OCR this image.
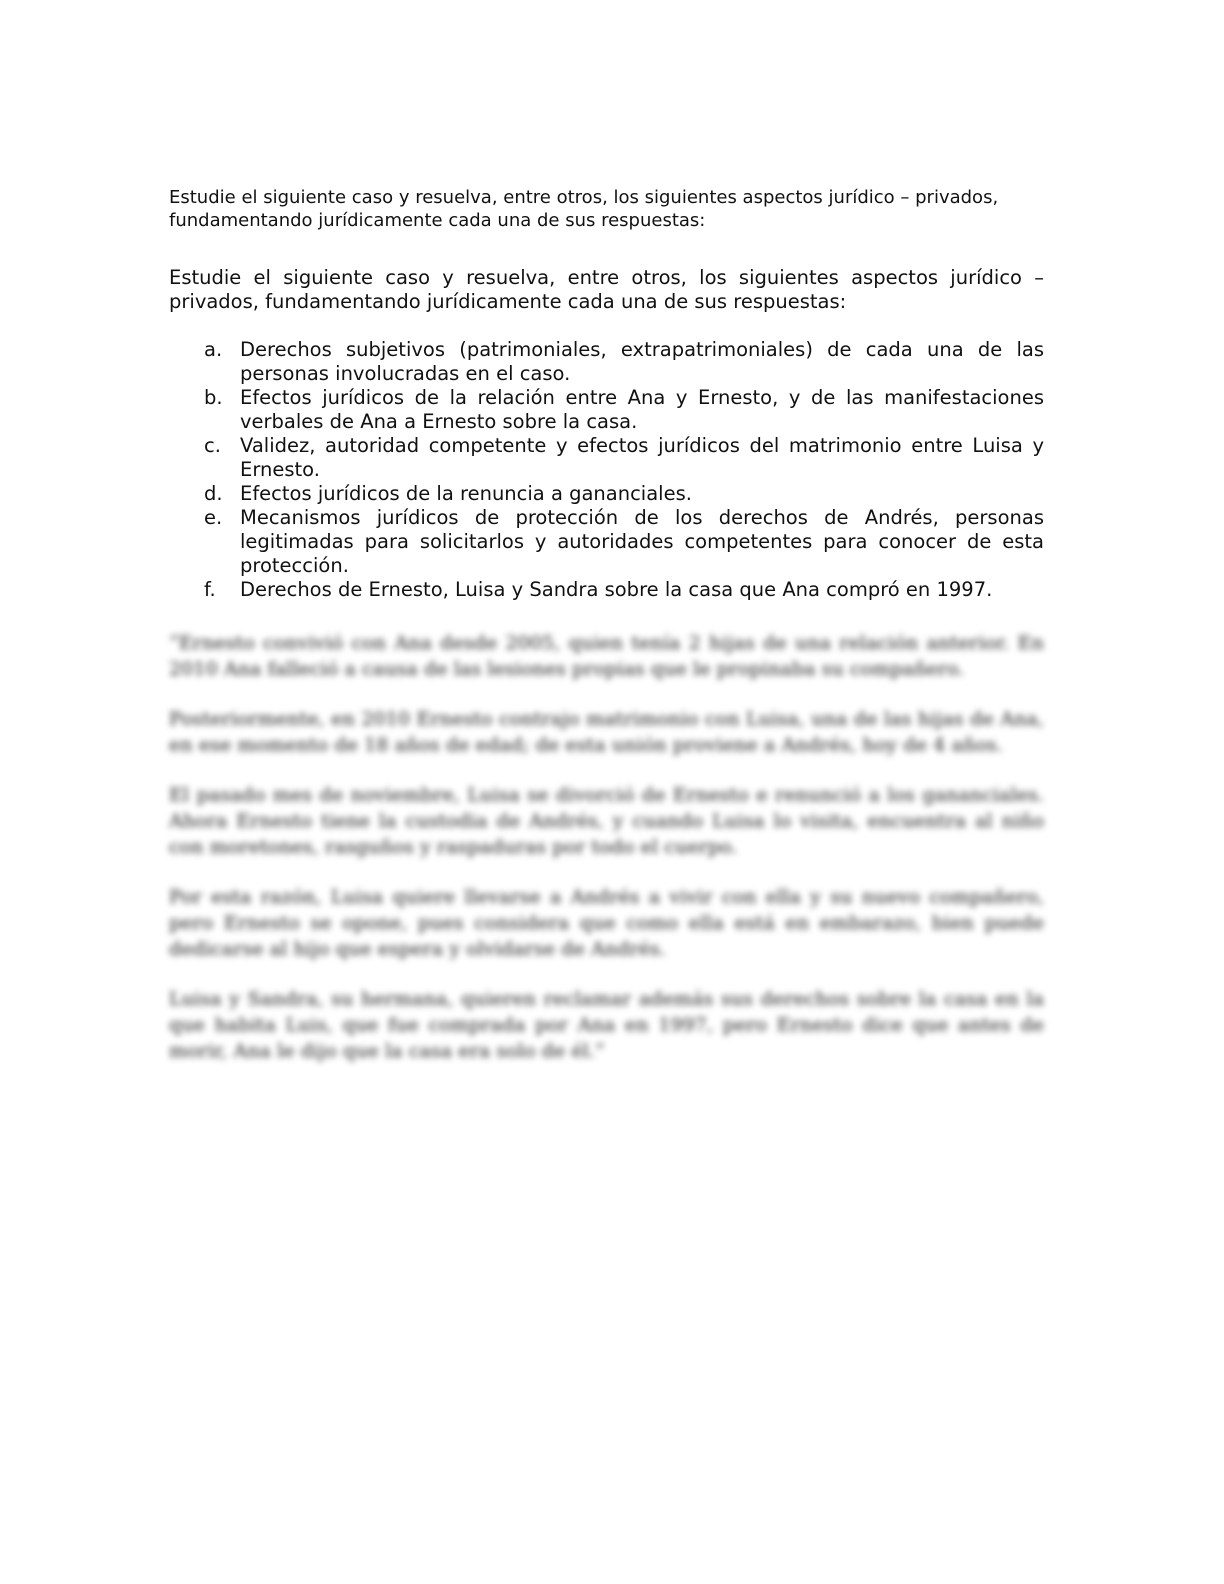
Estudie el siguiente caso y resuelva, entre otros, los siguientes aspectos jurídico – privados, fundamentando jurídicamente cada una de sus respuestas:

Estudie el siguiente caso y resuelva, entre otros, los siguientes aspectos jurídico – privados, fundamentando jurídicamente cada una de sus respuestas:

a. Derechos subjetivos (patrimoniales, extrapatrimoniales) de cada una de las personas involucradas en el caso.
b. Efectos jurídicos de la relación entre Ana y Ernesto, y de las manifestaciones verbales de Ana a Ernesto sobre la casa.
c. Validez, autoridad competente y efectos jurídicos del matrimonio entre Luisa y Ernesto.
d. Efectos jurídicos de la renuncia a gananciales.
e. Mecanismos jurídicos de protección de los derechos de Andrés, personas legitimadas para solicitarlos y autoridades competentes para conocer de esta protección.
f.	Derechos de Ernesto, Luisa y Sandra sobre la casa que Ana compró en 1997.

“Ernesto convivió con Ana desde 2005, quien tenía 2 hijas de una relación anterior. En 2010 Ana falleció a causa de las lesiones propias que le propinaba su compañero.

Posteriormente, en 2010 Ernesto contrajo matrimonio con Luisa, una de las hijas de Ana, en ese momento de 18 años de edad; de esta unión proviene a Andrés, hoy de 4 años.

El pasado mes de noviembre, Luisa se divorció de Ernesto e renunció a los gananciales. Ahora Ernesto tiene la custodia de Andrés, y cuando Luisa lo visita, encuentra al niño con moretones, rasguños y raspaduras por todo el cuerpo.

Por esta razón, Luisa quiere llevarse a Andrés a vivir con ella y su nuevo compañero, pero Ernesto se opone, pues considera que como ella está en embarazo, bien puede dedicarse al hijo que espera y olvidarse de Andrés.

Luisa y Sandra, su hermana, quieren reclamar además sus derechos sobre la casa en la que habita Luis, que fue comprada por Ana en 1997, pero Ernesto dice que antes de morir, Ana le dijo que la casa era solo de él.”
